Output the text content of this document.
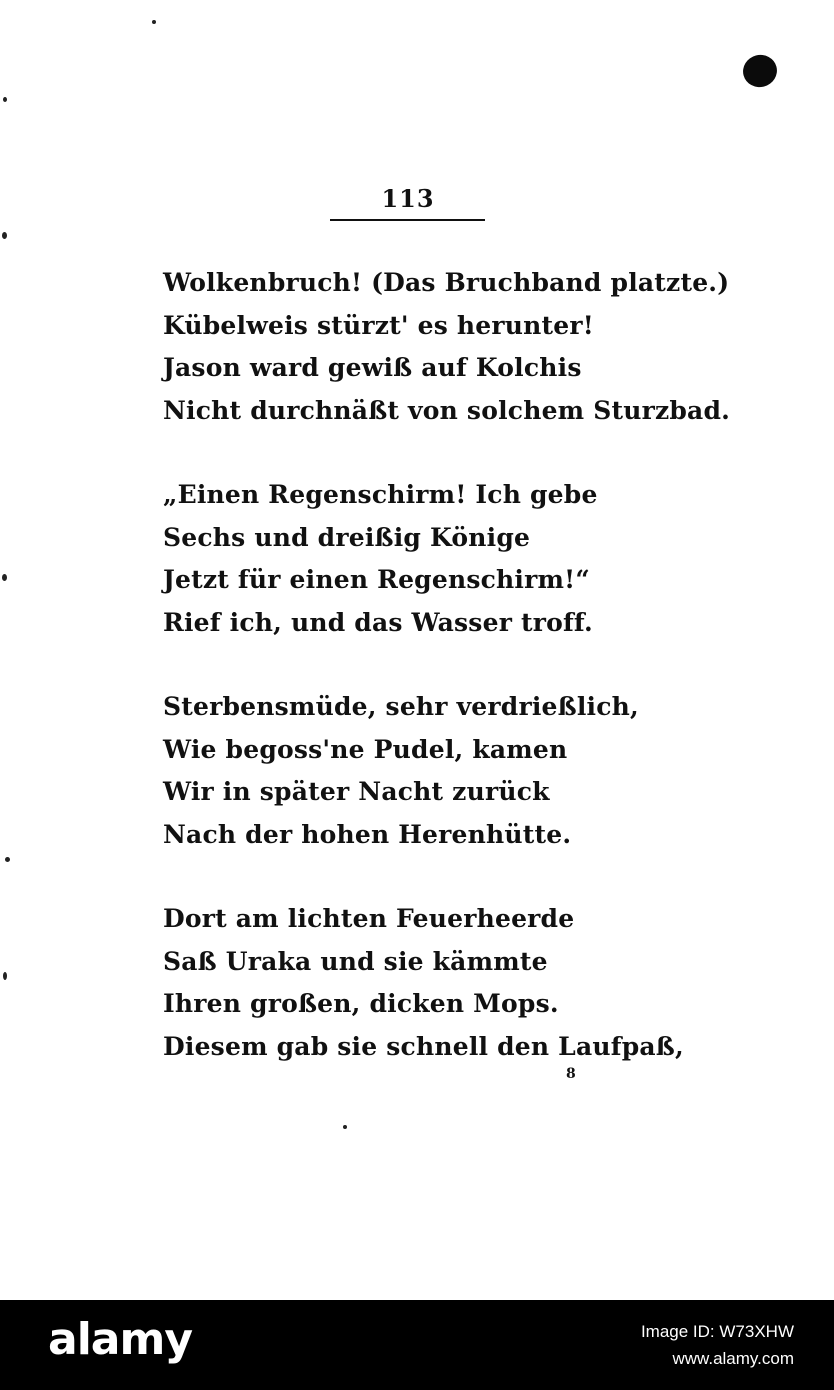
113
Wolkenbruch! (Das Bruchband platzte.)
Kübelweis stürzt' es herunter!
Jason ward gewiß auf Kolchis
Nicht durchnäßt von solchem Sturzbad.
„Einen Regenschirm! Ich gebe
Sechs und dreißig Könige
Jetzt für einen Regenschirm!“
Rief ich, und das Wasser troff.
Sterbensmüde, sehr verdrießlich,
Wie begoss'ne Pudel, kamen
Wir in später Nacht zurück
Nach der hohen Herenhütte.
Dort am lichten Feuerheerde
Saß Uraka und sie kämmte
Ihren großen, dicken Mops.
Diesem gab sie schnell den Laufpaß,
8
alamy	Image ID: W73XHW
www.alamy.com
